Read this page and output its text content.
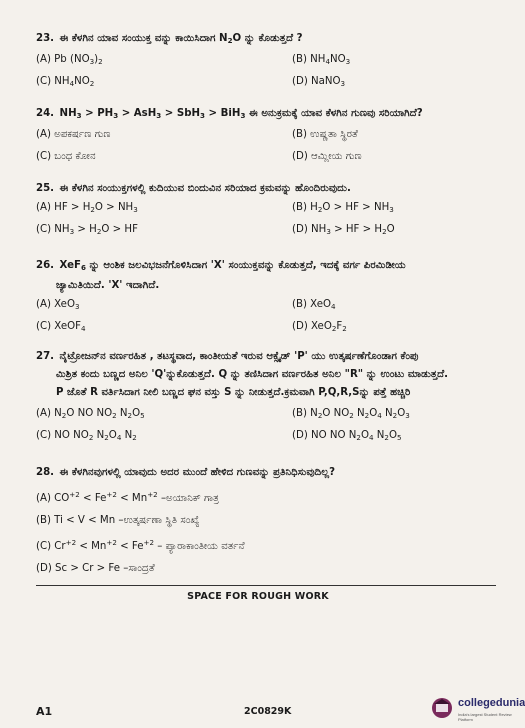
23. ಈ ಕೆಳಗಿನ ಯಾವ ಸಂಯುಕ್ತ ವನ್ನು ಕಾಯಿಸಿದಾಗ $N_2O$ ನ್ನು ಕೊಡುತ್ತದೆ ?
(A) Pb $(NO_3)_2$	(B) $NH_4NO_3$
(C) $NH_4NO_2$	(D) NaNO$_3$
24. $NH_3 > PH_3 > AsH_3 > SbH_3 > BiH_3$ ಈ ಅನುಕ್ರಮಕ್ಕೆ ಯಾವ ಕೆಳಗಿನ ಗುಣವು ಸರಿಯಾಗಿದೆ?
(A) ಅಪಕರ್ಷಣ ಗುಣ	(B) ಉಷ್ಣತಾ ಸ್ಥಿರತೆ
(C) ಬಂಧ ಕೋನ	(D) ಆಮ್ಲೀಯ ಗುಣ
25. ಈ ಕೆಳಗಿನ ಸಂಯುಕ್ತಗಳಲ್ಲಿ ಕುದಿಯುವ ಬಿಂದುವಿನ ಸರಿಯಾದ ಕ್ರಮವನ್ನು ಹೊಂದಿರುವುದು.
(A) HF > $H_2O > NH_3$	(B) $H_2O$ > HF > $NH_3$
(C) $NH_3 > H_2O$ > HF	(D) $NH_3$ > HF > $H_2O$
26. XeF$_6$ ನ್ನು ಆಂಶಿಕ ಜಲವಿಭಜನೆಗೊಳಿಸಿದಾಗ 'X' ಸಂಯುಕ್ತವನ್ನು ಕೊಡುತ್ತದೆ, ಇದಕ್ಕೆ ವರ್ಗ ಪಿರಮಿಡೀಯ
ಜ್ಯಾಮಿತಿಯಿದೆ. 'X' ಇದಾಗಿದೆ.
(A) XeO$_3$	(B) XeO$_4$
(C) XeOF$_4$	(D) $XeO_2F_2$
27. ನೈಟ್ರೋಜನ್‌ನ ವರ್ಣರಹಿತ , ತಟಸ್ಥವಾದ, ಕಾಂತೀಯತೆ ಇರುವ ಆಕ್ಸೈಡ್ 'P' ಯು ಉತ್ಕರ್ಷಣೆಗೊಂಡಾಗ ಕೆಂಪು
ಮಿಶ್ರಿತ ಕಂದು ಬಣ್ಣದ ಅನಿಲ 'Q'ನ್ನುಕೊಡುತ್ತದೆ. Q ನ್ನು ತಣಿಸಿದಾಗ ವರ್ಣರಹಿತ ಅನಿಲ "R" ನ್ನು ಉಂಟು ಮಾಡುತ್ತದೆ.
P ಜೊತೆ R ವರ್ತಿಸಿದಾಗ ನೀಲಿ ಬಣ್ಣದ ಘನ ವಸ್ತು S ನ್ನು ನೀಡುತ್ತದೆ.ಕ್ರಮವಾಗಿ P,Q,R,Sನ್ನು ಪತ್ತೆ ಹಚ್ಚಿರಿ
(A) $N_2O$ NO $NO_2$ $N_2O_5$	(B) $N_2O$ $NO_2$ $N_2O_4$ $N_2O_3$
(C) NO $NO_2$ $N_2O_4$ $N_2$	(D) NO NO $N_2O_4$ $N_2O_5$
28. ಈ ಕೆಳಗಿನವುಗಳಲ್ಲಿ ಯಾವುದು ಅದರ ಮುಂದೆ ಹೇಳಿದ ಗುಣವನ್ನು ಪ್ರತಿನಿಧಿಸುವುದಿಲ್ಲ?
(A) $CO^{+2} < Fe^{+2} < Mn^{+2}$ –ಅಯಾನಿಕ್ ಗಾತ್ರ
(B) Ti < V < Mn –ಉತ್ಕರ್ಷಣಾ ಸ್ಥಿತಿ ಸಂಖ್ಯೆ
(C) $Cr^{+2} < Mn^{+2} < Fe^{+2}$ – ಪ್ಯಾರಾಕಾಂತೀಯ ವರ್ತನೆ
(D) Sc > Cr > Fe –ಸಾಂದ್ರತೆ
SPACE FOR ROUGH WORK
A1	2C0829K
collegedunia
India's largest Student Review Platform
